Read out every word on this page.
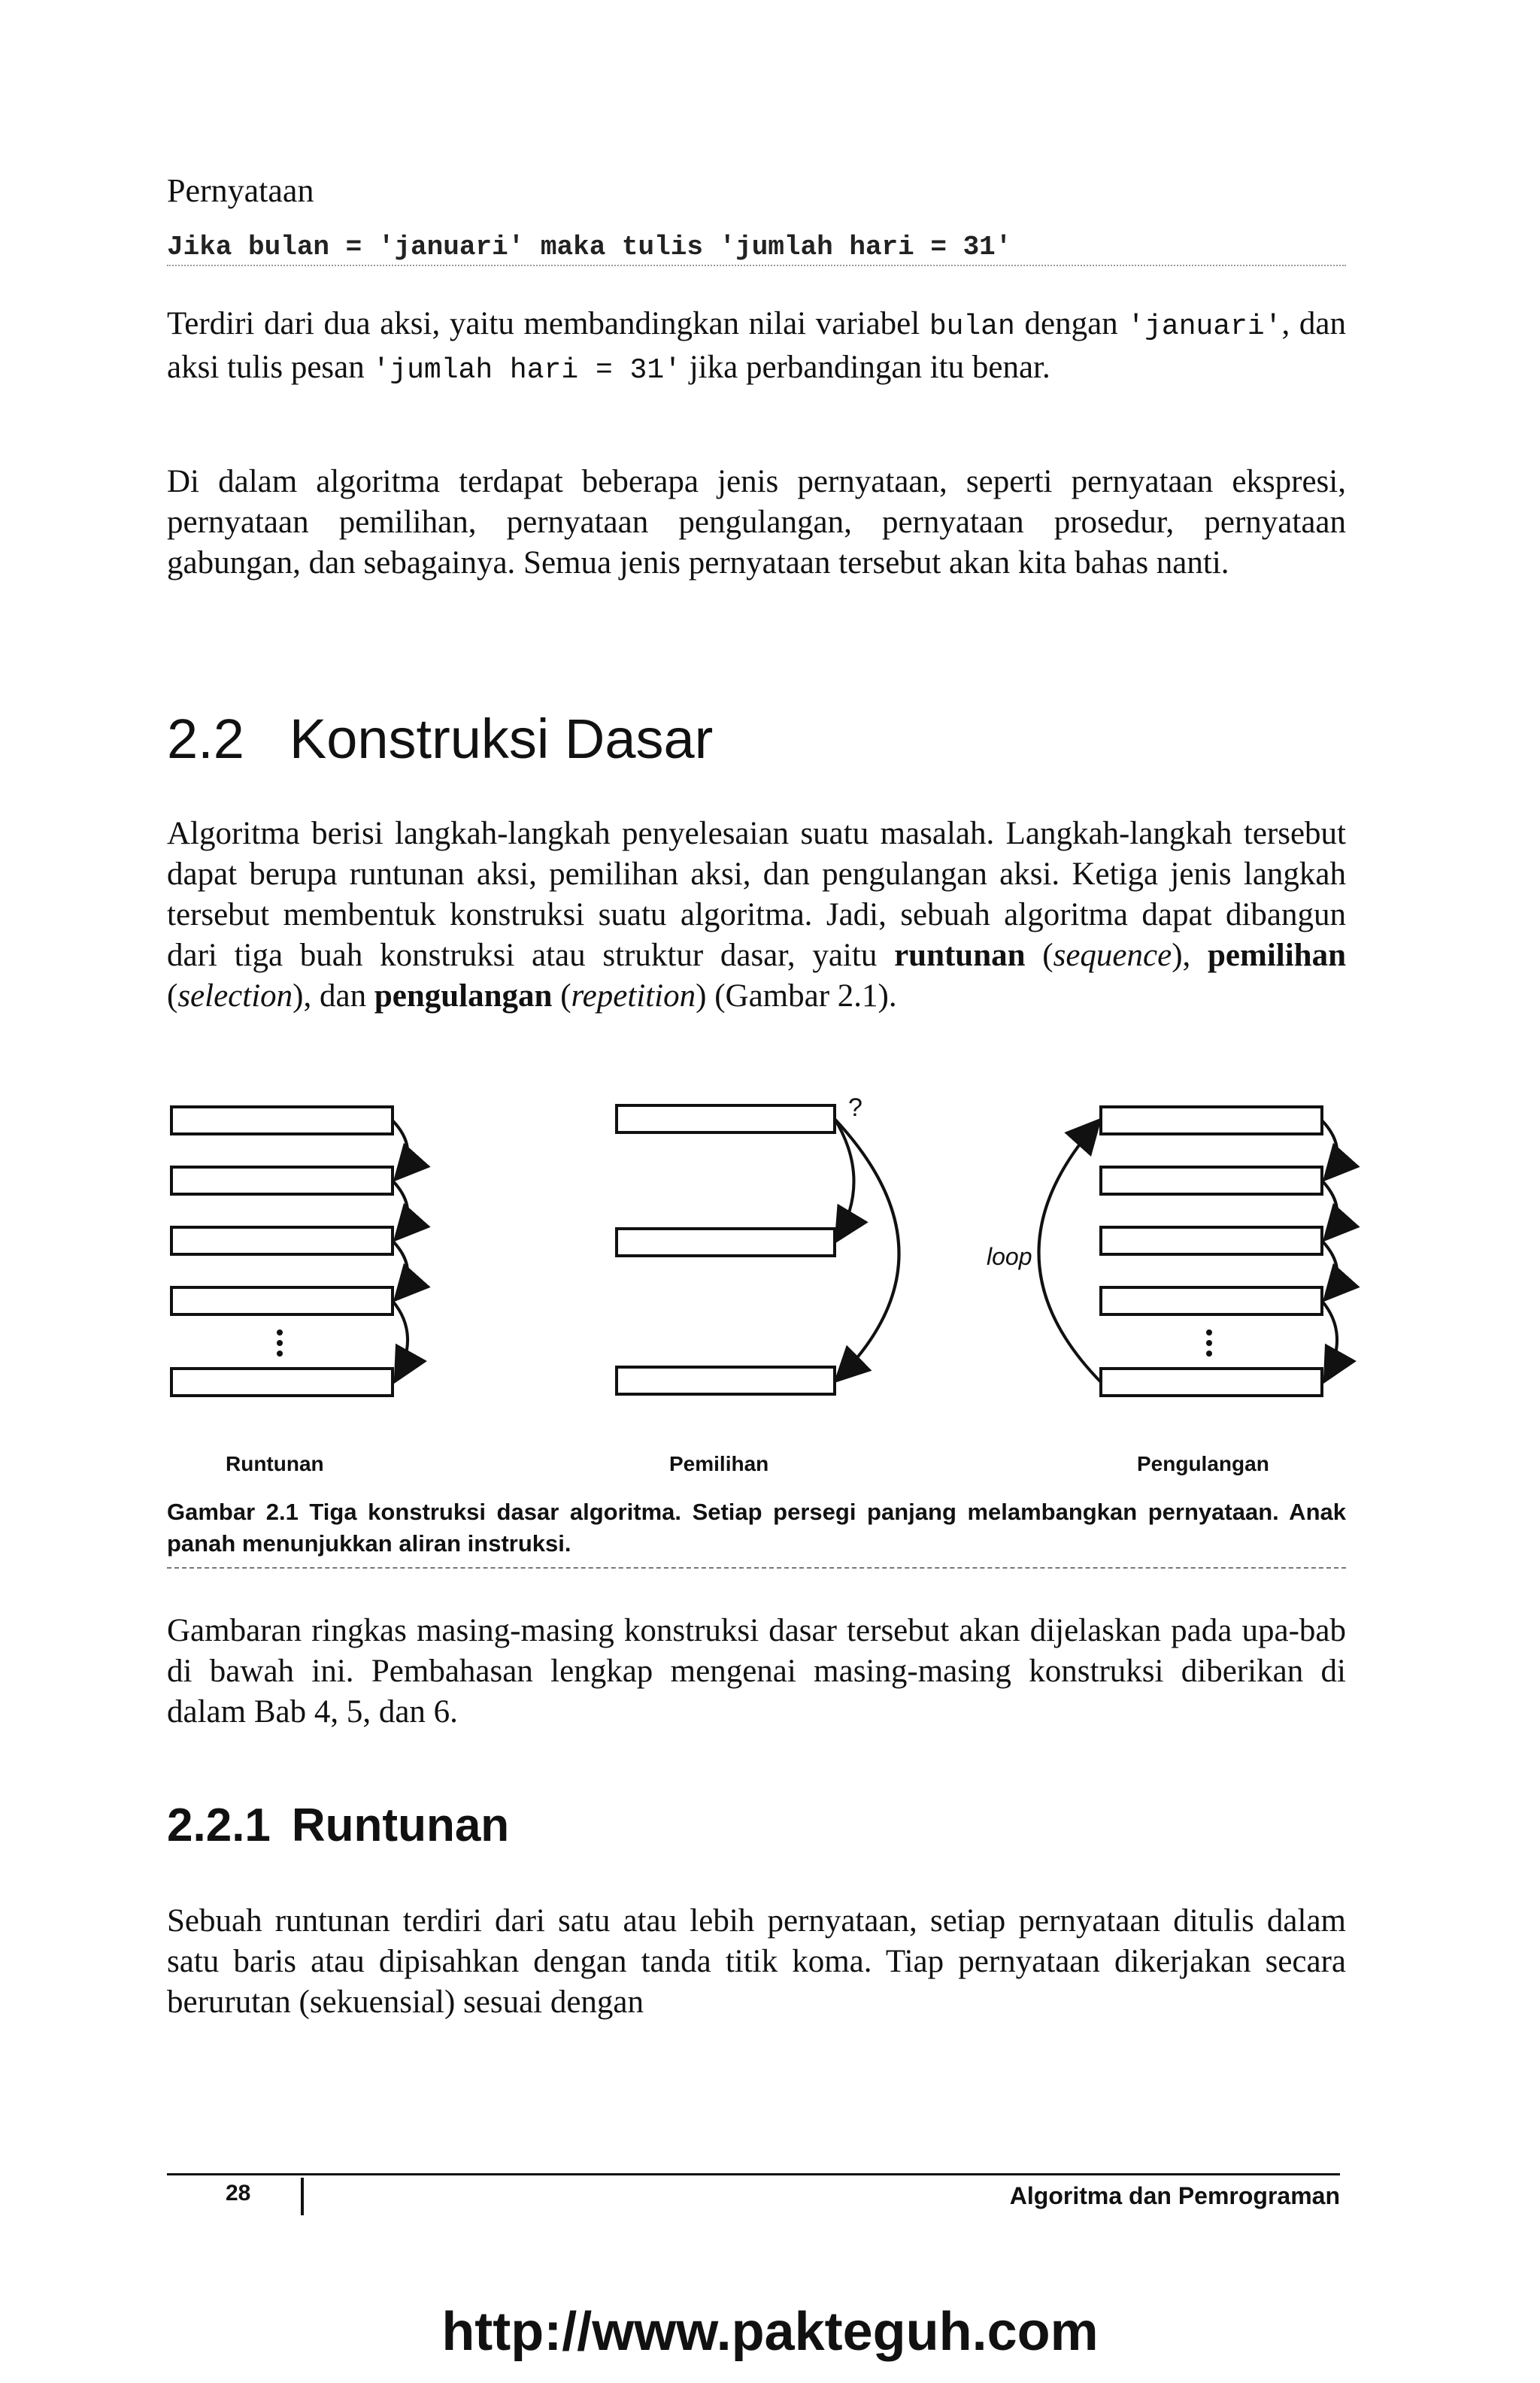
Pernyataan
Jika bulan = 'januari' maka tulis 'jumlah hari = 31'

Terdiri dari dua aksi, yaitu membandingkan nilai variabel bulan dengan 'januari', dan aksi tulis pesan 'jumlah hari = 31' jika perbandingan itu benar.

Di dalam algoritma terdapat beberapa jenis pernyataan, seperti pernyataan ekspresi, pernyataan pemilihan, pernyataan pengulangan, pernyataan prosedur, pernyataan gabungan, dan sebagainya. Semua jenis pernyataan tersebut akan kita bahas nanti.

2.2 Konstruksi Dasar

Algoritma berisi langkah-langkah penyelesaian suatu masalah. Langkah-langkah tersebut dapat berupa runtunan aksi, pemilihan aksi, dan pengulangan aksi. Ketiga jenis langkah tersebut membentuk konstruksi suatu algoritma. Jadi, sebuah algoritma dapat dibangun dari tiga buah konstruksi atau struktur dasar, yaitu runtunan (sequence), pemilihan (selection), dan pengulangan (repetition) (Gambar 2.1).

?
loop
Runtunan	Pemilihan	Pengulangan

Gambar 2.1 Tiga konstruksi dasar algoritma. Setiap persegi panjang melambangkan pernyataan. Anak panah menunjukkan aliran instruksi.

Gambaran ringkas masing-masing konstruksi dasar tersebut akan dijelaskan pada upa-bab di bawah ini. Pembahasan lengkap mengenai masing-masing konstruksi diberikan di dalam Bab 4, 5, dan 6.

2.2.1 Runtunan

Sebuah runtunan terdiri dari satu atau lebih pernyataan, setiap pernyataan ditulis dalam satu baris atau dipisahkan dengan tanda titik koma. Tiap pernyataan dikerjakan secara berurutan (sekuensial) sesuai dengan

28	Algoritma dan Pemrograman
http://www.pakteguh.com
